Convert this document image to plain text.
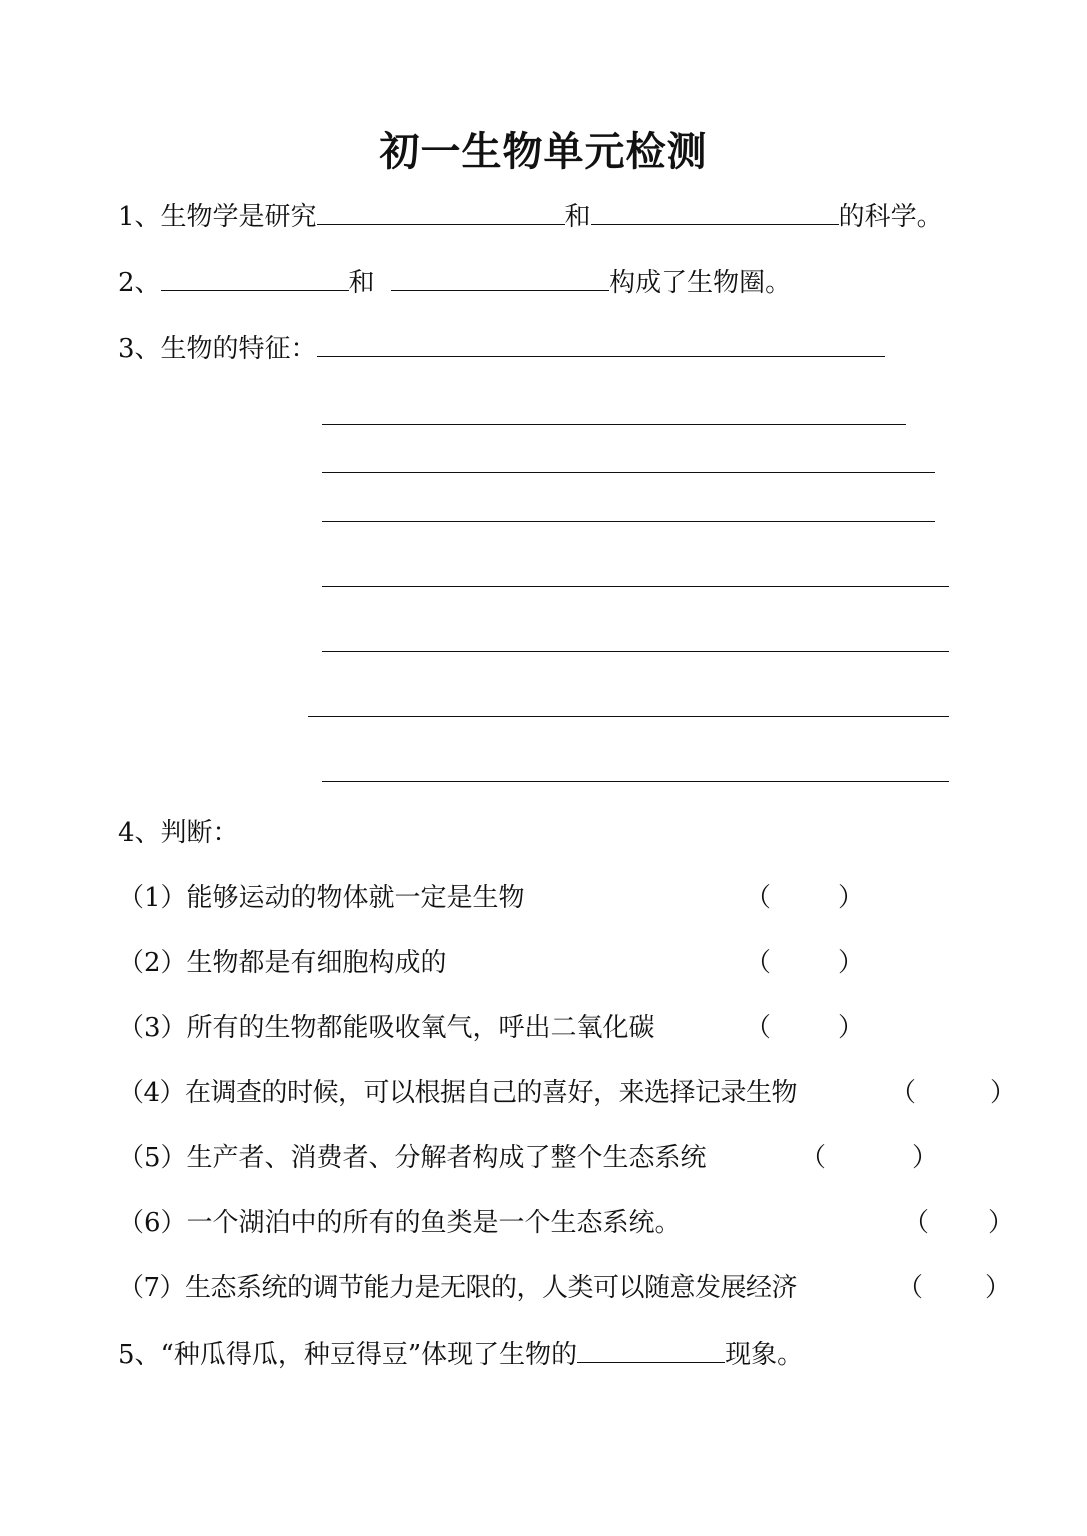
初一生物单元检测
1、生物学是研究	和	的科学。
2、	和	构成了生物圈。
3、生物的特征：
4、判断：
（1）能够运动的物体就一定是生物	（	）
（2）生物都是有细胞构成的	（	）
（3）所有的生物都能吸收氧气，呼出二氧化碳	（	）
（4）在调查的时候，可以根据自己的喜好，来选择记录生物	（	）
（5）生产者、消费者、分解者构成了整个生态系统	（	）
（6）一个湖泊中的所有的鱼类是一个生态系统。	（ ）
（7）生态系统的调节能力是无限的，人类可以随意发展经济	（ ）
5、“种瓜得瓜，种豆得豆”体现了生物的	现象。
